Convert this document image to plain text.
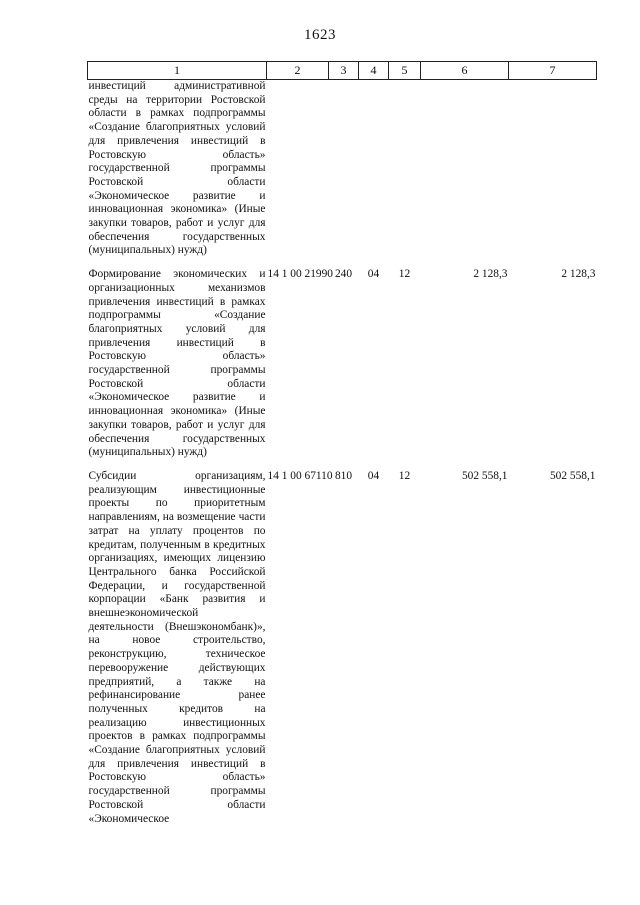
1623
1	2	3	4	5	6	7
инвестиций административной среды на территории Ростовской области в рамках подпрограммы «Создание благоприятных условий для привлечения инвестиций в Ростовскую область» государственной программы Ростовской области «Экономическое развитие и инновационная экономика» (Иные закупки товаров, работ и услуг для обеспечения государственных (муниципальных) нужд)						
Формирование экономических и организационных механизмов привлечения инвестиций в рамках подпрограммы «Создание благоприятных условий для привлечения инвестиций в Ростовскую область» государственной программы Ростовской области «Экономическое развитие и инновационная экономика» (Иные закупки товаров, работ и услуг для обеспечения государственных (муниципальных) нужд)	14 1 00 21990	240	04	12	2 128,3	2 128,3
Субсидии организациям, реализующим инвестиционные проекты по приоритетным направлениям, на возмещение части затрат на уплату процентов по кредитам, полученным в кредитных организациях, имеющих лицензию Центрального банка Российской Федерации, и государственной корпорации «Банк развития и внешнеэкономической деятельности (Внешэкономбанк)», на новое строительство, реконструкцию, техническое перевооружение действующих предприятий, а также на рефинансирование ранее полученных кредитов на реализацию инвестиционных проектов в рамках подпрограммы «Создание благоприятных условий для привлечения инвестиций в Ростовскую область» государственной программы Ростовской области «Экономическое	14 1 00 67110	810	04	12	502 558,1	502 558,1
